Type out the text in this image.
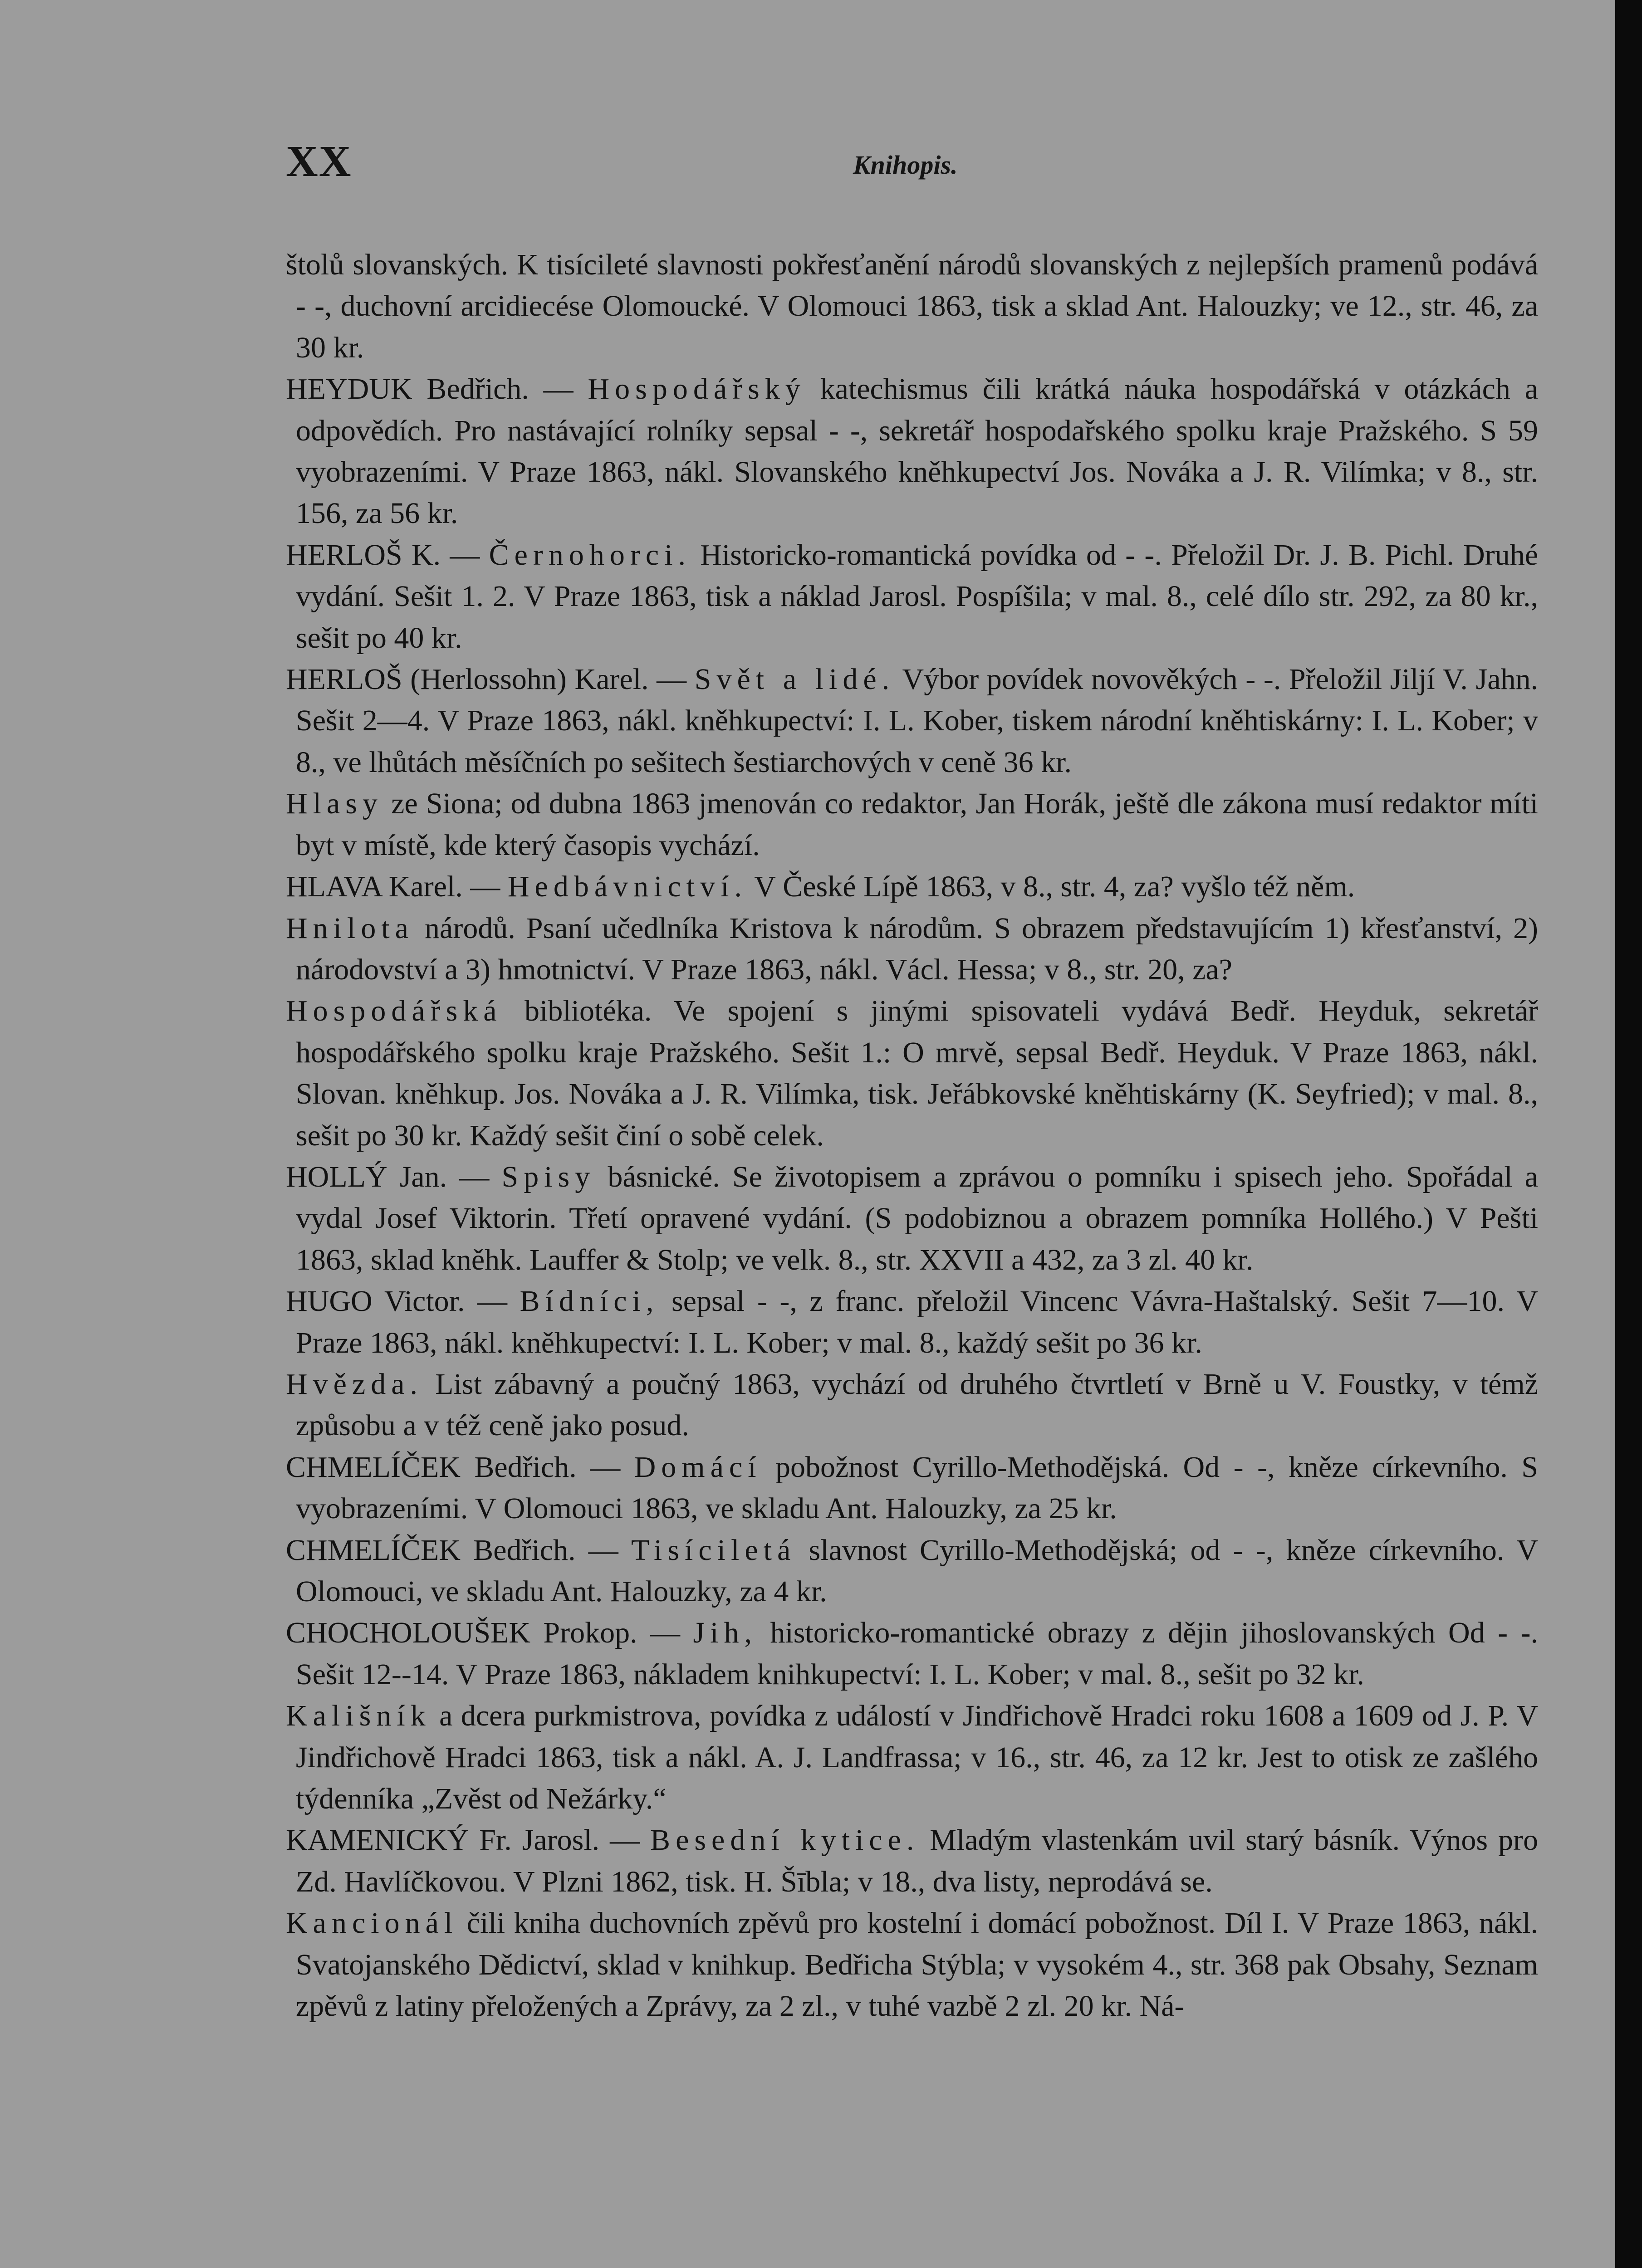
XX	Knihopis.

štolů slovanských. K tisícileté slavnosti pokřesťanění národů slovanských z nejlepších pramenů podává - -, duchovní arcidiecése Olomoucké. V Olomouci 1863, tisk a sklad Ant. Halouzky; ve 12., str. 46, za 30 kr.

HEYDUK Bedřich. — Hospodářský katechismus čili krátká náuka hospodářská v otázkách a odpovědích. Pro nastávající rolníky sepsal - -, sekretář hospodařského spolku kraje Pražského. S 59 vyobrazeními. V Praze 1863, nákl. Slovanského kněhkupectví Jos. Nováka a J. R. Vilímka; v 8., str. 156, za 56 kr.

HERLOŠ K. — Černohorci. Historicko-romantická povídka od - -. Přeložil Dr. J. B. Pichl. Druhé vydání. Sešit 1. 2. V Praze 1863, tisk a náklad Jarosl. Pospíšila; v mal. 8., celé dílo str. 292, za 80 kr., sešit po 40 kr.

HERLOŠ (Herlossohn) Karel. — Svět a lidé. Výbor povídek novověkých - -. Přeložil Jiljí V. Jahn. Sešit 2—4. V Praze 1863, nákl. kněhkupectví: I. L. Kober, tiskem národní kněhtiskárny: I. L. Kober; v 8., ve lhůtách měsíčních po sešitech šestiarchových v ceně 36 kr.

Hlasy ze Siona; od dubna 1863 jmenován co redaktor, Jan Horák, ještě dle zákona musí redaktor míti byt v místě, kde který časopis vychází.

HLAVA Karel. — Hedbávnictví. V České Lípě 1863, v 8., str. 4, za? vyšlo též něm.

Hnilota národů. Psaní učedlníka Kristova k národům. S obrazem představujícím 1) křesťanství, 2) národovství a 3) hmotnictví. V Praze 1863, nákl. Václ. Hessa; v 8., str. 20, za?

Hospodářská bibliotéka. Ve spojení s jinými spisovateli vydává Bedř. Heyduk, sekretář hospodářského spolku kraje Pražského. Sešit 1.: O mrvě, sepsal Bedř. Heyduk. V Praze 1863, nákl. Slovan. kněhkup. Jos. Nováka a J. R. Vilímka, tisk. Jeřábkovské kněhtiskárny (K. Seyfried); v mal. 8., sešit po 30 kr. Každý sešit činí o sobě celek.

HOLLÝ Jan. — Spisy básnické. Se životopisem a zprávou o pomníku i spisech jeho. Spořádal a vydal Josef Viktorin. Třetí opravené vydání. (S podobiznou a obrazem pomníka Hollého.) V Pešti 1863, sklad kněhk. Lauffer & Stolp; ve velk. 8., str. XXVII a 432, za 3 zl. 40 kr.

HUGO Victor. — Bídníci, sepsal - -, z franc. přeložil Vincenc Vávra-Haštalský. Sešit 7—10. V Praze 1863, nákl. kněhkupectví: I. L. Kober; v mal. 8., každý sešit po 36 kr.

Hvězda. List zábavný a poučný 1863, vychází od druhého čtvrtletí v Brně u V. Foustky, v témž způsobu a v též ceně jako posud.

CHMELÍČEK Bedřich. — Domácí pobožnost Cyrillo-Methodějská. Od - -, kněze církevního. S vyobrazeními. V Olomouci 1863, ve skladu Ant. Halouzky, za 25 kr.

CHMELÍČEK Bedřich. — Tisíciletá slavnost Cyrillo-Methodějská; od - -, kněze církevního. V Olomouci, ve skladu Ant. Halouzky, za 4 kr.

CHOCHOLOUŠEK Prokop. — Jih, historicko-romantické obrazy z dějin jihoslovanských Od - -. Sešit 12--14. V Praze 1863, nákladem knihkupectví: I. L. Kober; v mal. 8., sešit po 32 kr.

Kališník a dcera purkmistrova, povídka z událostí v Jindřichově Hradci roku 1608 a 1609 od J. P. V Jindřichově Hradci 1863, tisk a nákl. A. J. Landfrassa; v 16., str. 46, za 12 kr. Jest to otisk ze zašlého týdenníka „Zvěst od Nežárky.“

KAMENICKÝ Fr. Jarosl. — Besední kytice. Mladým vlastenkám uvil starý básník. Výnos pro Zd. Havlíčkovou. V Plzni 1862, tisk. H. Šībla; v 18., dva listy, neprodává se.

Kancionál čili kniha duchovních zpěvů pro kostelní i domácí pobožnost. Díl I. V Praze 1863, nákl. Svatojanského Dědictví, sklad v knihkup. Bedřicha Stýbla; v vysokém 4., str. 368 pak Obsahy, Seznam zpěvů z latiny přeložených a Zprávy, za 2 zl., v tuhé vazbě 2 zl. 20 kr. Ná-
